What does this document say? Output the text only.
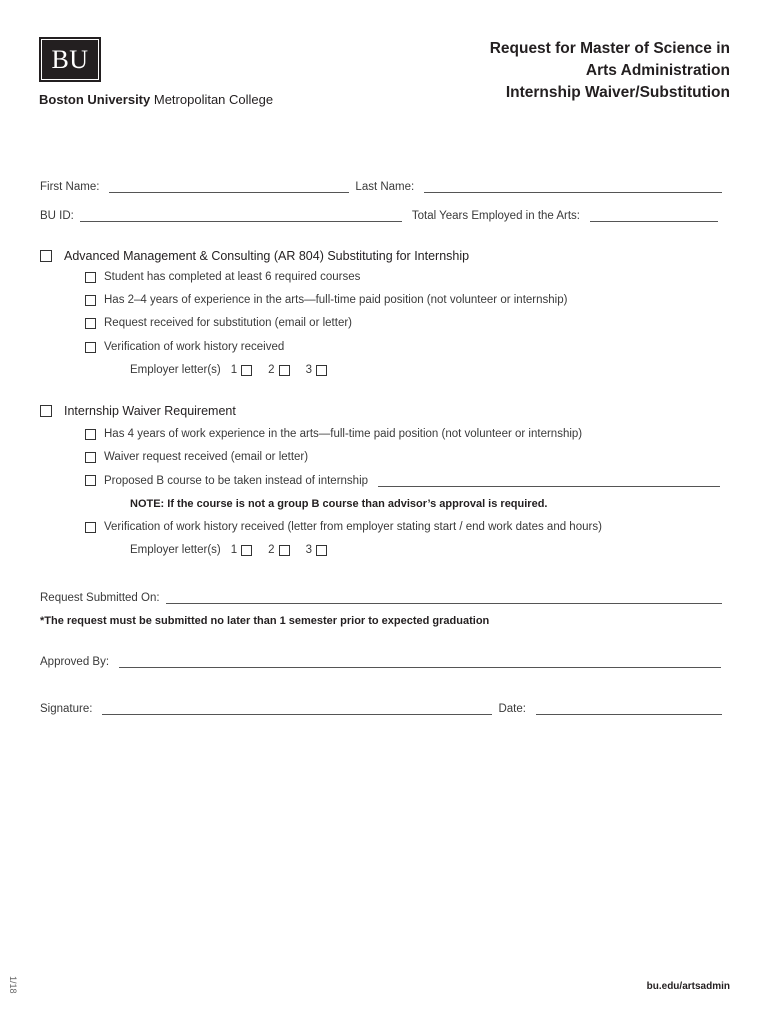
BU
Boston University Metropolitan College
Request for Master of Science in
Arts Administration
Internship Waiver/Substitution
First Name:	Last Name:
BU ID:	Total Years Employed in the Arts:
Advanced Management & Consulting (AR 804) Substituting for Internship
Student has completed at least 6 required courses
Has 2–4 years of experience in the arts—full-time paid position (not volunteer or internship)
Request received for substitution (email or letter)
Verification of work history received
Employer letter(s) 1	2	3
Internship Waiver Requirement
Has 4 years of work experience in the arts—full-time paid position (not volunteer or internship)
Waiver request received (email or letter)
Proposed B course to be taken instead of internship
NOTE: If the course is not a group B course than advisor’s approval is required.
Verification of work history received (letter from employer stating start / end work dates and hours)
Employer letter(s) 1	2	3
Request Submitted On:
*The request must be submitted no later than 1 semester prior to expected graduation
Approved By:
Signature:	Date:
1/18	bu.edu/artsadmin
